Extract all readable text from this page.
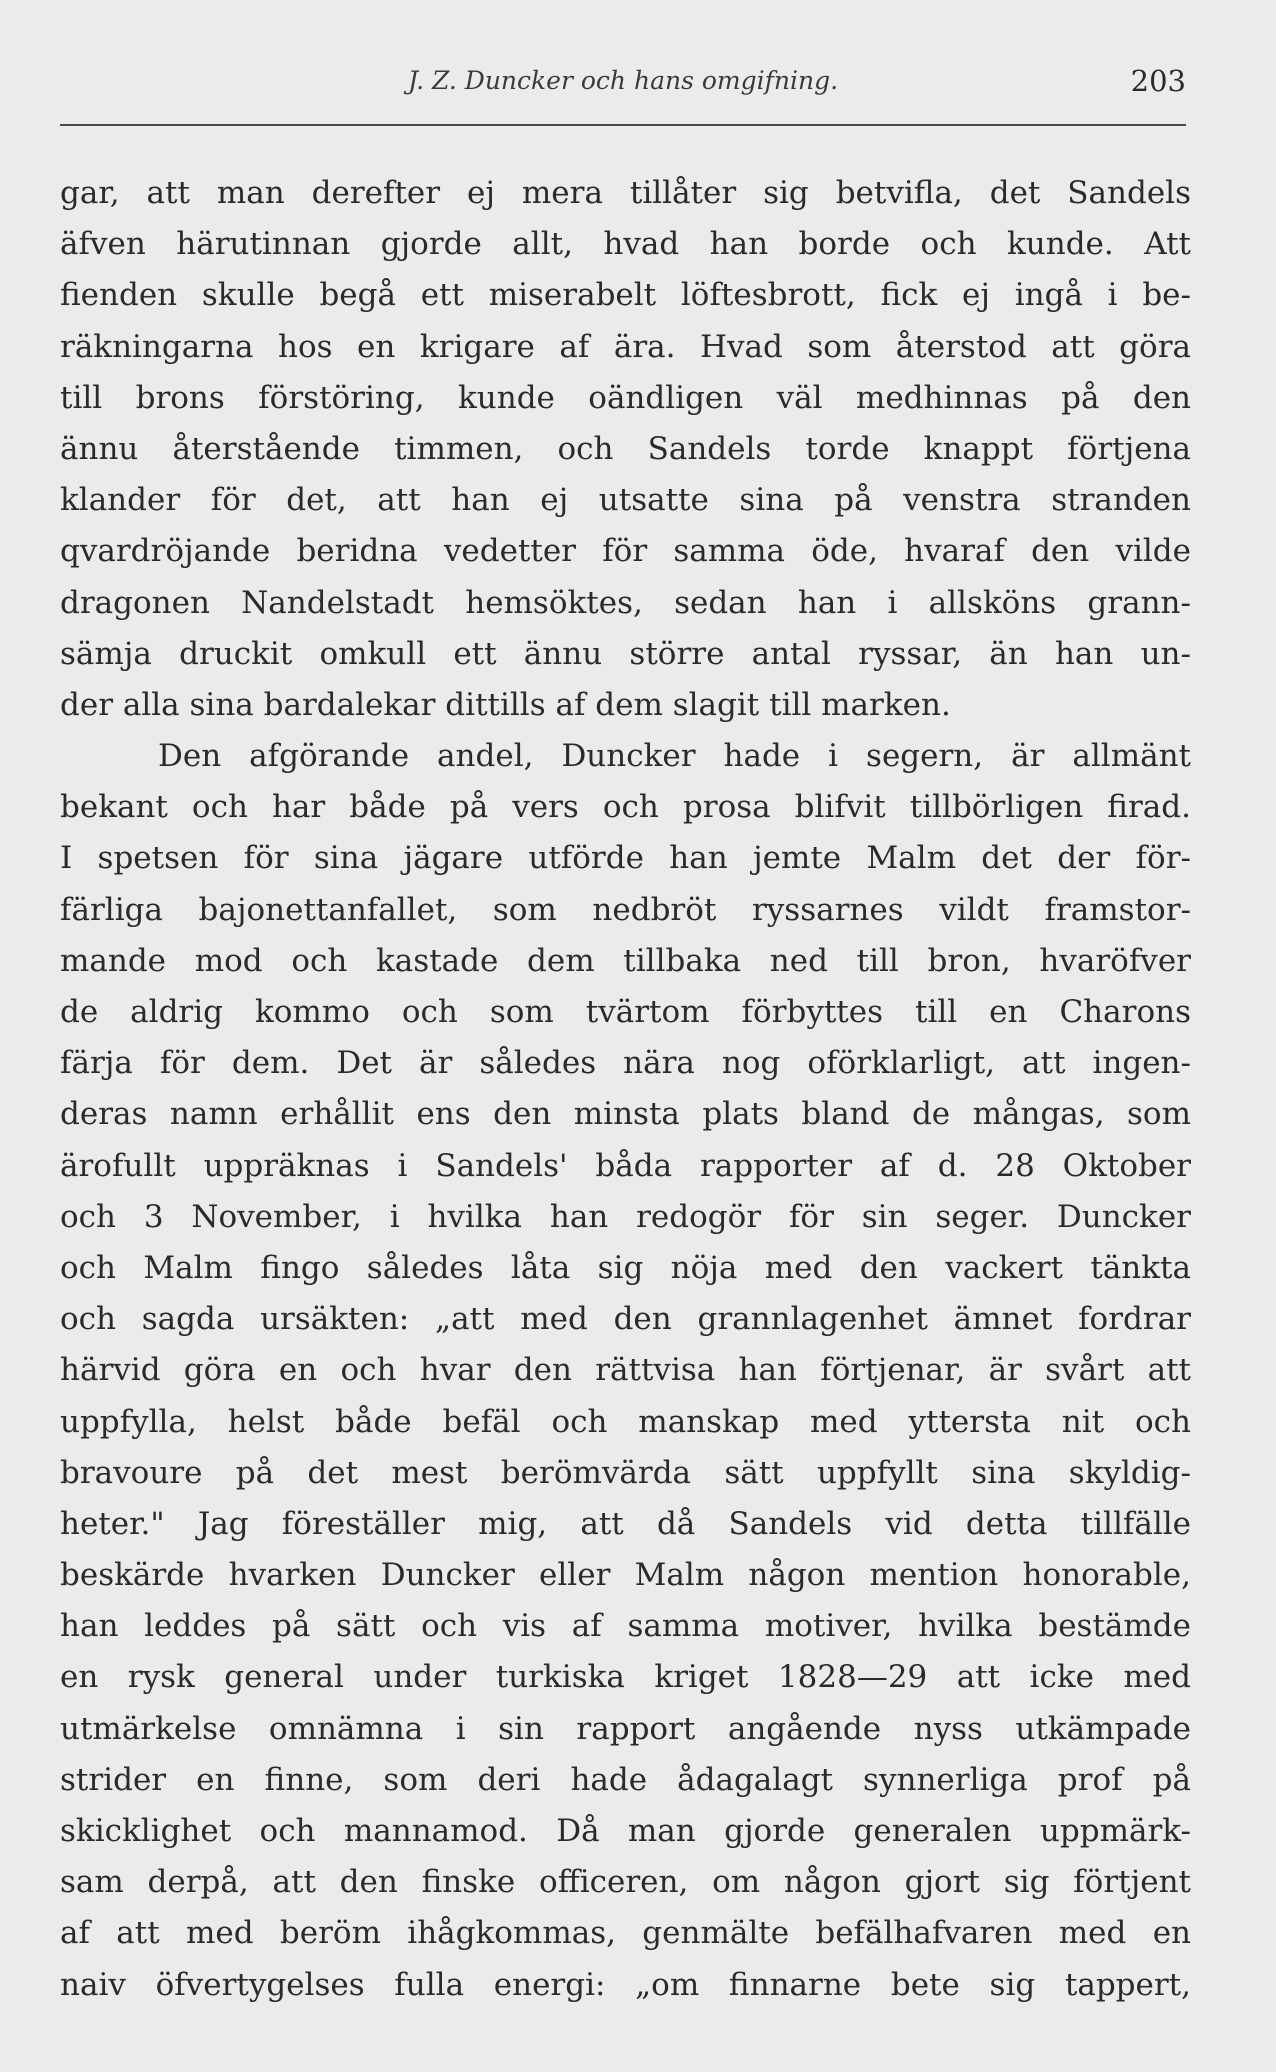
J. Z. Duncker och hans omgifning.	203
gar, att man derefter ej mera tillåter sig betvifla, det Sandels
äfven härutinnan gjorde allt, hvad han borde och kunde. Att
fienden skulle begå ett miserabelt löftesbrott, fick ej ingå i be-
räkningarna hos en krigare af ära. Hvad som återstod att göra
till brons förstöring, kunde oändligen väl medhinnas på den
ännu återstående timmen, och Sandels torde knappt förtjena
klander för det, att han ej utsatte sina på venstra stranden
qvardröjande beridna vedetter för samma öde, hvaraf den vilde
dragonen Nandelstadt hemsöktes, sedan han i allsköns grann-
sämja druckit omkull ett ännu större antal ryssar, än han un-
der alla sina bardalekar dittills af dem slagit till marken.
Den afgörande andel, Duncker hade i segern, är allmänt
bekant och har både på vers och prosa blifvit tillbörligen firad.
I spetsen för sina jägare utförde han jemte Malm det der för-
färliga bajonettanfallet, som nedbröt ryssarnes vildt framstor-
mande mod och kastade dem tillbaka ned till bron, hvaröfver
de aldrig kommo och som tvärtom förbyttes till en Charons
färja för dem. Det är således nära nog oförklarligt, att ingen-
deras namn erhållit ens den minsta plats bland de mångas, som
ärofullt uppräknas i Sandels' båda rapporter af d. 28 Oktober
och 3 November, i hvilka han redogör för sin seger. Duncker
och Malm fingo således låta sig nöja med den vackert tänkta
och sagda ursäkten: „att med den grannlagenhet ämnet fordrar
härvid göra en och hvar den rättvisa han förtjenar, är svårt att
uppfylla, helst både befäl och manskap med yttersta nit och
bravoure på det mest berömvärda sätt uppfyllt sina skyldig-
heter." Jag föreställer mig, att då Sandels vid detta tillfälle
beskärde hvarken Duncker eller Malm någon mention honorable,
han leddes på sätt och vis af samma motiver, hvilka bestämde
en rysk general under turkiska kriget 1828—29 att icke med
utmärkelse omnämna i sin rapport angående nyss utkämpade
strider en finne, som deri hade ådagalagt synnerliga prof på
skicklighet och mannamod. Då man gjorde generalen uppmärk-
sam derpå, att den finske officeren, om någon gjort sig förtjent
af att med beröm ihågkommas, genmälte befälhafvaren med en
naiv öfvertygelses fulla energi: „om finnarne bete sig tappert,
